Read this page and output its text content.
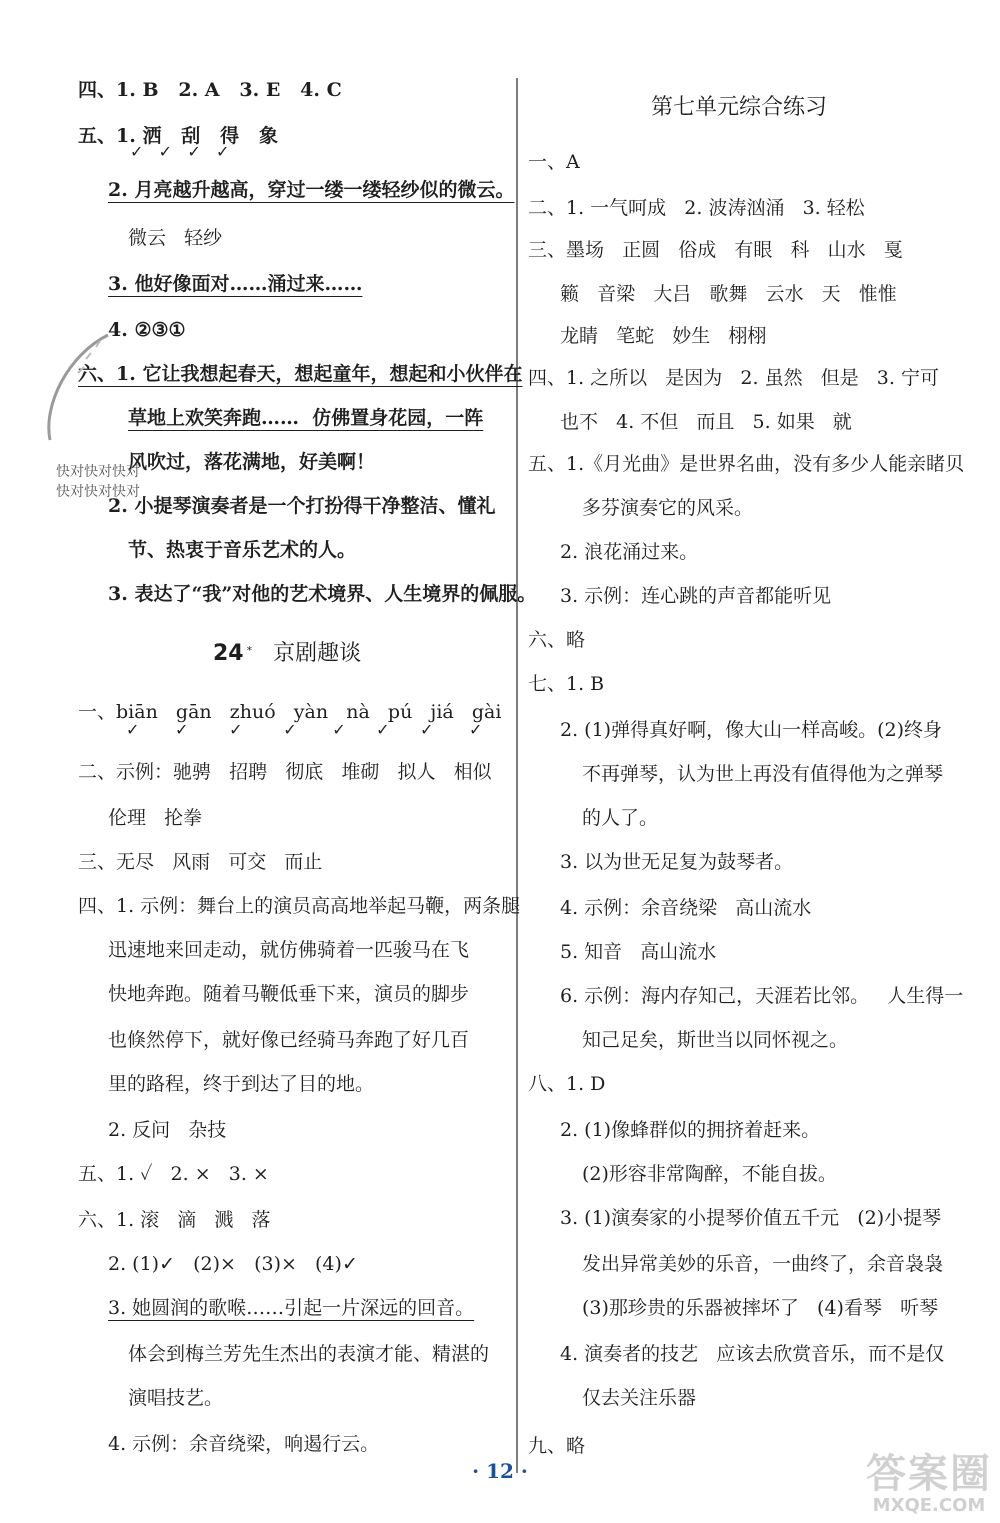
四、1. B   2. A   3. E   4. C
五、1. 洒   刮   得   象
✓   ✓   ✓   ✓
2. 月亮越升越高，穿过一缕一缕轻纱似的微云。
微云   轻纱
3. 他好像面对……涌过来……
4. ②③①
六、1. 它让我想起春天，想起童年，想起和小伙伴在
草地上欢笑奔跑……  仿佛置身花园，一阵
风吹过，落花满地，好美啊！
快对快对快对
快对快对快对
2. 小提琴演奏者是一个打扮得干净整洁、懂礼
节、热衷于音乐艺术的人。
3. 表达了“我”对他的艺术境界、人生境界的佩服。
24 * 京剧趣谈
一、biān   gān   zhuó   yàn   nà   pú   jiá   gài
✓       ✓        ✓        ✓       ✓      ✓      ✓       ✓
二、示例：驰骋   招聘   彻底   堆砌   拟人   相似
伦理   抡拳
三、无尽   风雨   可交   而止
四、1. 示例：舞台上的演员高高地举起马鞭，两条腿
迅速地来回走动，就仿佛骑着一匹骏马在飞
快地奔跑。随着马鞭低垂下来，演员的脚步
也倏然停下，就好像已经骑马奔跑了好几百
里的路程，终于到达了目的地。
2. 反问   杂技
五、1. ✓   2. ×   3. ×
六、1. 滚   滴   溅   落
2. (1)✓   (2)×   (3)×   (4)✓
3. 她圆润的歌喉……引起一片深远的回音。
体会到梅兰芳先生杰出的表演才能、精湛的
演唱技艺。
4. 示例：余音绕梁，响遏行云。
第七单元综合练习
一、A
二、1. 一气呵成   2. 波涛汹涌   3. 轻松
三、墨场   正圆   俗成   有眼   科   山水   戛
籁   音梁   大吕   歌舞   云水   天   惟惟
龙睛   笔蛇   妙生   栩栩
四、1. 之所以   是因为   2. 虽然   但是   3. 宁可
也不   4. 不但   而且   5. 如果   就
五、1.《月光曲》是世界名曲，没有多少人能亲睹贝
多芬演奏它的风采。
2. 浪花涌过来。
3. 示例：连心跳的声音都能听见
六、略
七、1. B
2. (1)弹得真好啊，像大山一样高峻。(2)终身
不再弹琴，认为世上再没有值得他为之弹琴
的人了。
3. 以为世无足复为鼓琴者。
4. 示例：余音绕梁   高山流水
5. 知音   高山流水
6. 示例：海内存知己，天涯若比邻。   人生得一
知己足矣，斯世当以同怀视之。
八、1. D
2. (1)像蜂群似的拥挤着赶来。
(2)形容非常陶醉，不能自拔。
3. (1)演奏家的小提琴价值五千元   (2)小提琴
发出异常美妙的乐音，一曲终了，余音袅袅
(3)那珍贵的乐器被摔坏了   (4)看琴   听琴
4. 演奏者的技艺   应该去欣赏音乐，而不是仅
仅去关注乐器
九、略
· 12 ·	答案圈
MXQE.COM
